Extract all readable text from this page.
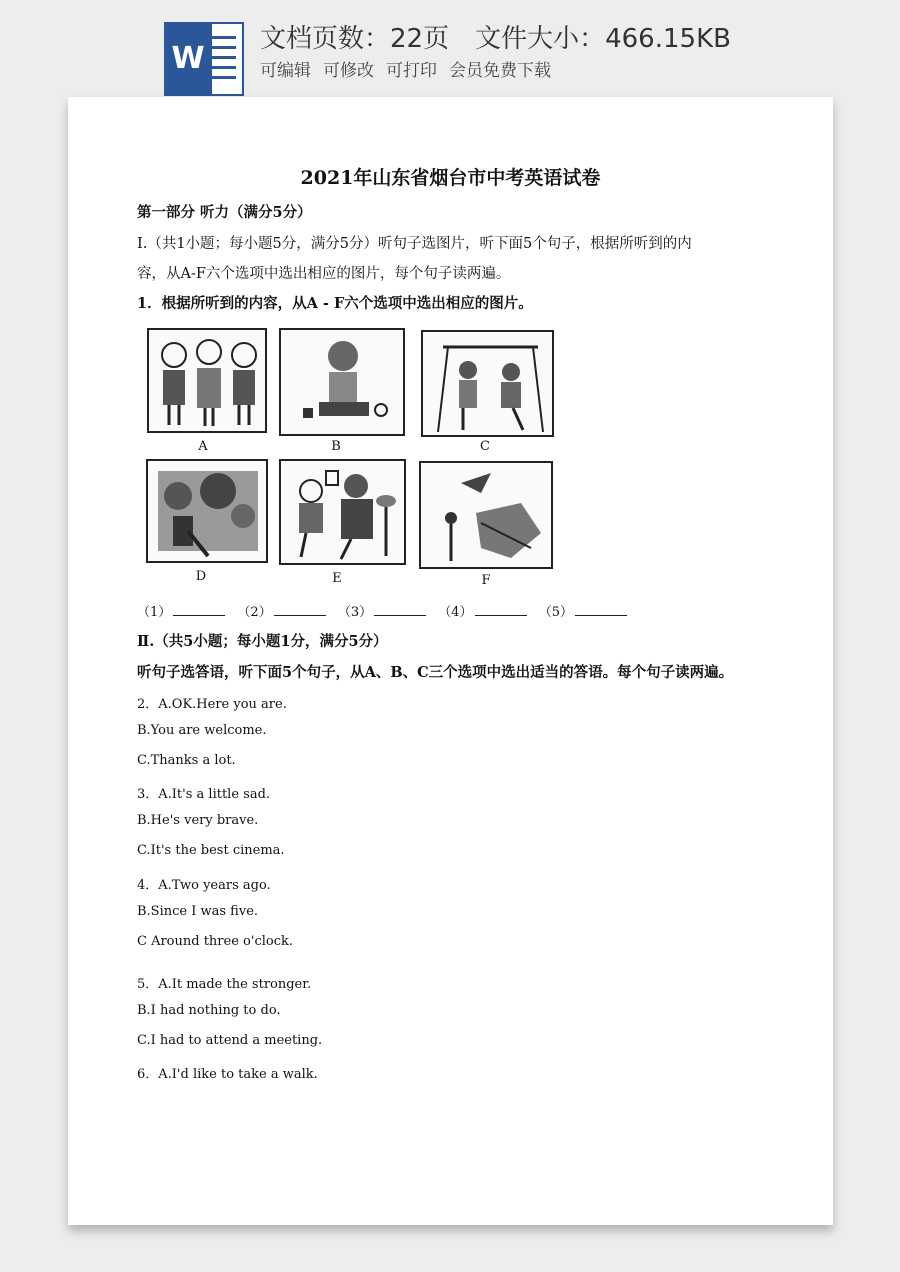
W
文档页数：22页 文件大小：466.15KB
可编辑 可修改 可打印 会员免费下载
2021年山东省烟台市中考英语试卷
第一部分 听力（满分5分）
Ⅰ.（共1小题；每小题5分，满分5分）听句子选图片，听下面5个句子，根据所听到的内
容，从A-F六个选项中选出相应的图片，每个句子读两遍。
1．根据所听到的内容，从A - F六个选项中选出相应的图片。
A	B	C
D	E	F
（1）	（2）	（3）	（4）	（5）
Ⅱ.（共5小题；每小题1分，满分5分）
听句子选答语，听下面5个句子，从A、B、C三个选项中选出适当的答语。每个句子读两遍。
2．A.OK.Here you are.
B.You are welcome.
C.Thanks a lot.
3．A.It's a little sad.
B.He's very brave.
C.It's the best cinema.
4．A.Two years ago.
B.Since I was five.
C Around three o'clock.
5．A.It made the stronger.
B.I had nothing to do.
C.I had to attend a meeting.
6．A.I'd like to take a walk.
